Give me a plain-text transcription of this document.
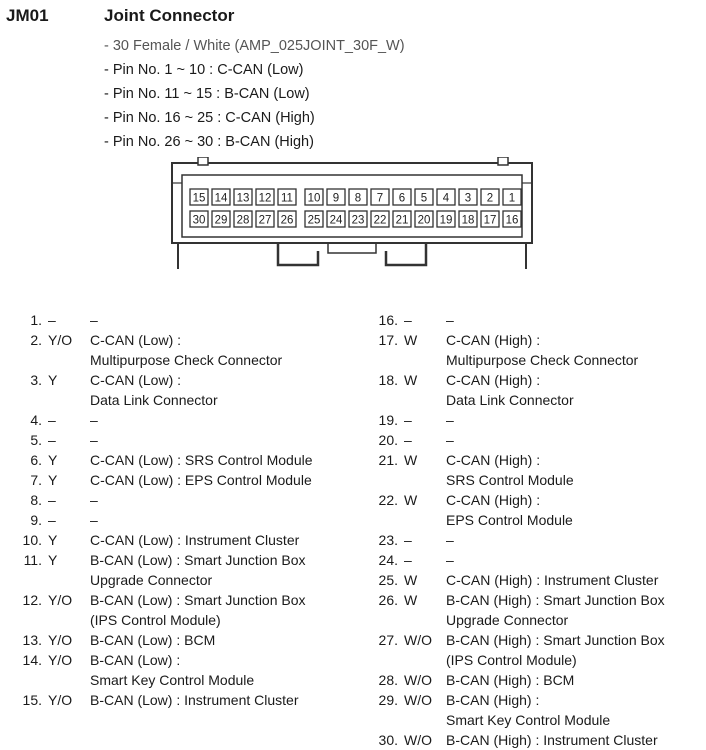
JM01	Joint Connector
- 30 Female / White (AMP_025JOINT_30F_W)
- Pin No. 1 ~ 10 : C-CAN (Low)
- Pin No. 11 ~ 15 : B-CAN (Low)
- Pin No. 16 ~ 25 : C-CAN (High)
- Pin No. 26 ~ 30 : B-CAN (High)
15 14 13 12 11 10 9 8 7 6 5 4 3 2 1
30 29 28 27 26 25 24 23 22 21 20 19 18 17 16
1. –	–
2. Y/O	C-CAN (Low) :
Multipurpose Check Connector
3. Y	C-CAN (Low) :
Data Link Connector
4. –	–
5. –	–
6. Y	C-CAN (Low) : SRS Control Module
7. Y	C-CAN (Low) : EPS Control Module
8. –	–
9. –	–
10. Y	C-CAN (Low) : Instrument Cluster
11. Y	B-CAN (Low) : Smart Junction Box
Upgrade Connector
12. Y/O	B-CAN (Low) : Smart Junction Box
(IPS Control Module)
13. Y/O	B-CAN (Low) : BCM
14. Y/O	B-CAN (Low) :
Smart Key Control Module
15. Y/O	B-CAN (Low) : Instrument Cluster
16. –	–
17. W	C-CAN (High) :
Multipurpose Check Connector
18. W	C-CAN (High) :
Data Link Connector
19. –	–
20. –	–
21. W	C-CAN (High) :
SRS Control Module
22. W	C-CAN (High) :
EPS Control Module
23. –	–
24. –	–
25. W	C-CAN (High) : Instrument Cluster
26. W	B-CAN (High) : Smart Junction Box
Upgrade Connector
27. W/O	B-CAN (High) : Smart Junction Box
(IPS Control Module)
28. W/O	B-CAN (High) : BCM
29. W/O	B-CAN (High) :
Smart Key Control Module
30. W/O	B-CAN (High) : Instrument Cluster
